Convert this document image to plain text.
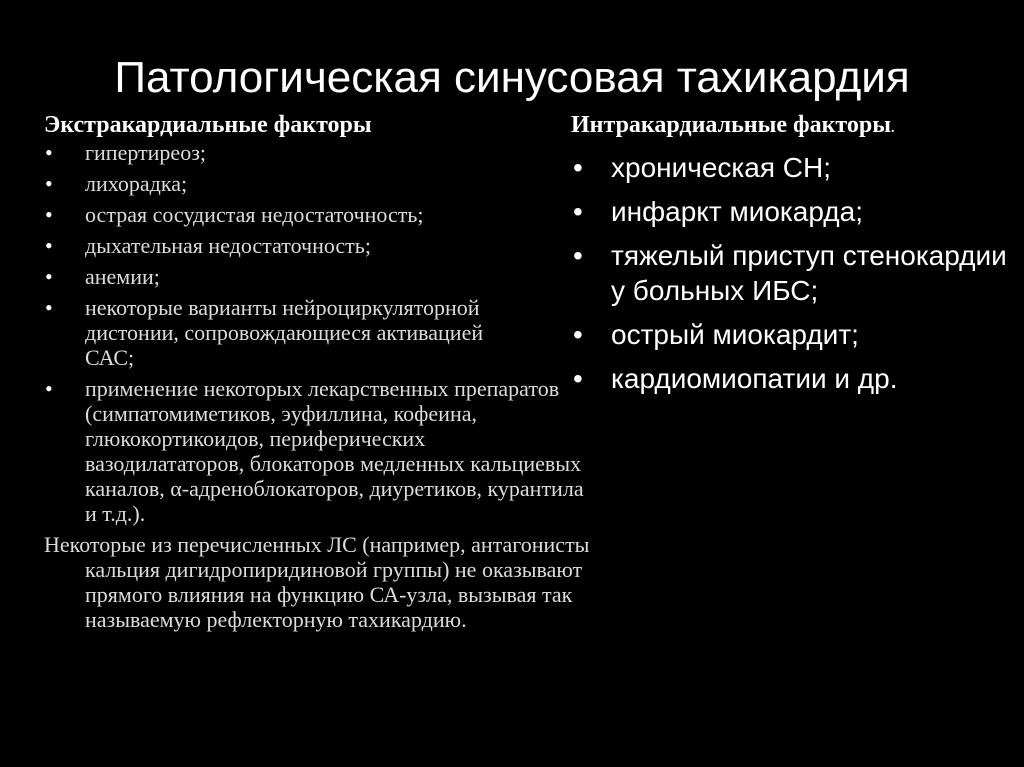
Патологическая синусовая тахикардия

Экстракардиальные факторы

•	гипертиреоз;
•	лихорадка;
•	острая сосудистая недостаточность;
•	дыхательная недостаточность;
•	анемии;
•	некоторые варианты нейроциркуляторной дистонии, сопровождающиеся активацией САС;
•	применение некоторых лекарственных препаратов (симпатомиметиков, эуфиллина, кофеина, глюкокортикоидов, периферических вазодилататоров, блокаторов медленных кальциевых каналов, α-адреноблокаторов, диуретиков, курантила и т.д.).

Некоторые из перечисленных ЛС (например, антагонисты кальция дигидропиридиновой группы) не оказывают прямого влияния на функцию СА-узла, вызывая так называемую рефлекторную тахикардию.

Интракардиальные факторы.

•	хроническая СН;
•	инфаркт миокарда;
•	тяжелый приступ стенокардии у больных ИБС;
•	острый миокардит;
•	кардиомиопатии и др.
